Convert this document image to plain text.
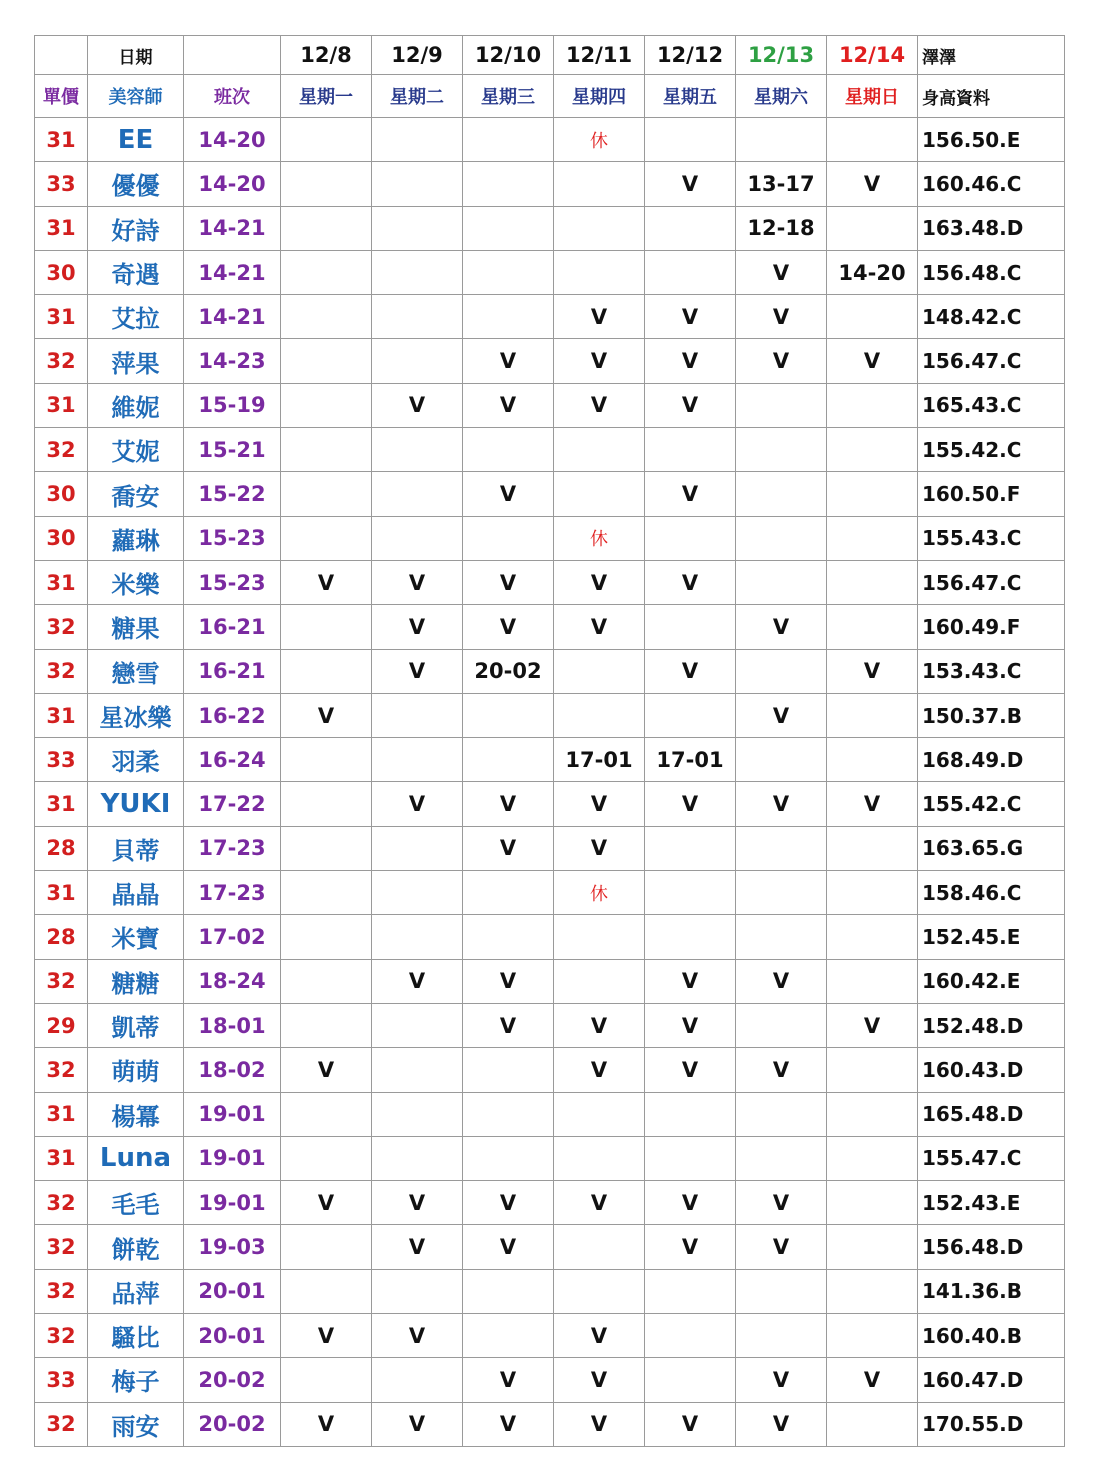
	日期		12/8	12/9	12/10	12/11	12/12	12/13	12/14	澤澤
單價	美容師	班次	星期一	星期二	星期三	星期四	星期五	星期六	星期日	身高資料
31	EE	14-20				休				156.50.E
33	優優	14-20					V	13-17	V	160.46.C
31	好詩	14-21						12-18		163.48.D
30	奇遇	14-21						V	14-20	156.48.C
31	艾拉	14-21				V	V	V		148.42.C
32	萍果	14-23			V	V	V	V	V	156.47.C
31	維妮	15-19		V	V	V	V			165.43.C
32	艾妮	15-21								155.42.C
30	喬安	15-22			V		V			160.50.F
30	蘿琳	15-23				休				155.43.C
31	米樂	15-23	V	V	V	V	V			156.47.C
32	糖果	16-21		V	V	V		V		160.49.F
32	戀雪	16-21		V	20-02		V		V	153.43.C
31	星冰樂	16-22	V					V		150.37.B
33	羽柔	16-24				17-01	17-01			168.49.D
31	YUKI	17-22		V	V	V	V	V	V	155.42.C
28	貝蒂	17-23			V	V				163.65.G
31	晶晶	17-23				休				158.46.C
28	米寶	17-02								152.45.E
32	糖糖	18-24		V	V		V	V		160.42.E
29	凱蒂	18-01			V	V	V		V	152.48.D
32	萌萌	18-02	V			V	V	V		160.43.D
31	楊冪	19-01								165.48.D
31	Luna	19-01								155.47.C
32	毛毛	19-01	V	V	V	V	V	V		152.43.E
32	餅乾	19-03		V	V		V	V		156.48.D
32	品萍	20-01								141.36.B
32	騷比	20-01	V	V		V				160.40.B
33	梅子	20-02			V	V		V	V	160.47.D
32	雨安	20-02	V	V	V	V	V	V		170.55.D
